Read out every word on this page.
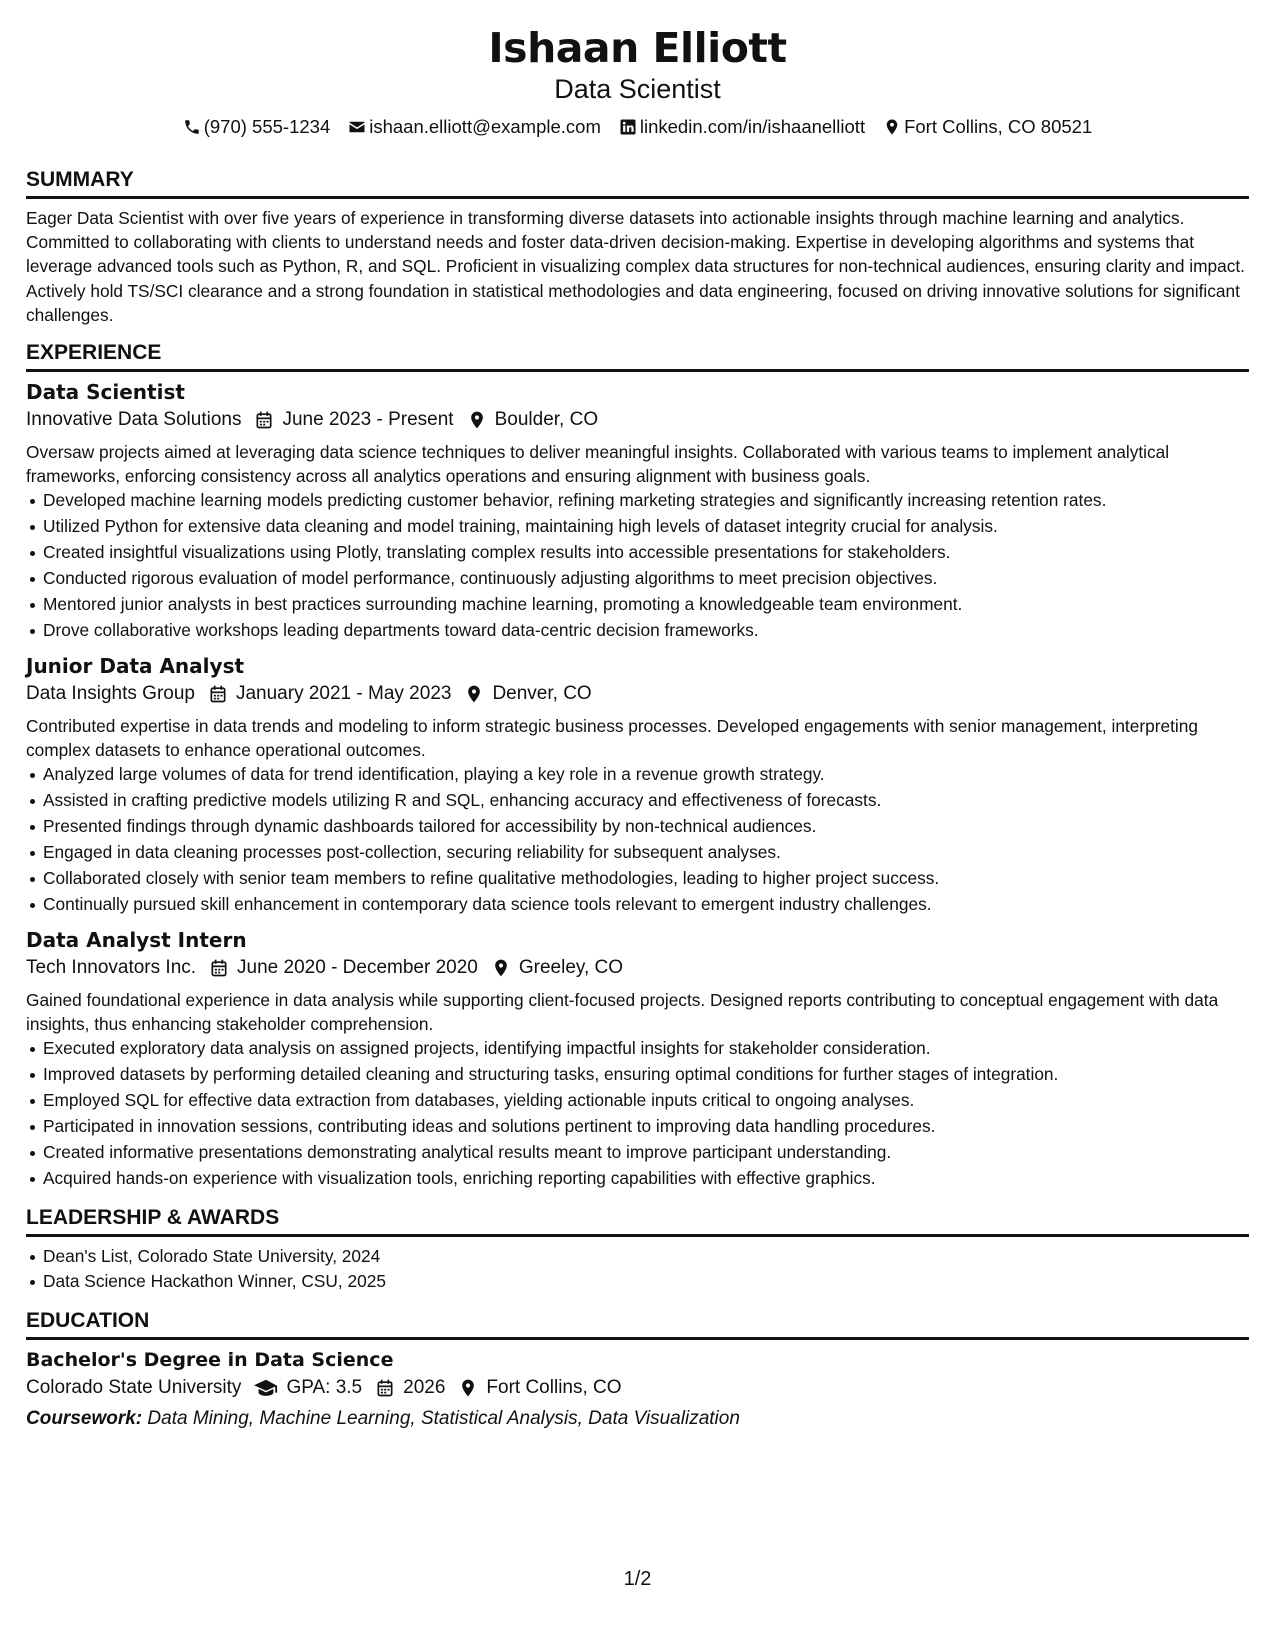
Ishaan Elliott
Data Scientist
(970) 555-1234 ishaan.elliott@example.com linkedin.com/in/ishaanelliott Fort Collins, CO 80521
SUMMARY

Eager Data Scientist with over five years of experience in transforming diverse datasets into actionable insights through machine learning and analytics. Committed to collaborating with clients to understand needs and foster data-driven decision-making. Expertise in developing algorithms and systems that leverage advanced tools such as Python, R, and SQL. Proficient in visualizing complex data structures for non-technical audiences, ensuring clarity and impact. Actively hold TS/SCI clearance and a strong foundation in statistical methodologies and data engineering, focused on driving innovative solutions for significant challenges.

EXPERIENCE
Data Scientist
Innovative Data Solutions June 2023 - Present Boulder, CO

Oversaw projects aimed at leveraging data science techniques to deliver meaningful insights. Collaborated with various teams to implement analytical frameworks, enforcing consistency across all analytics operations and ensuring alignment with business goals.

Developed machine learning models predicting customer behavior, refining marketing strategies and significantly increasing retention rates.
Utilized Python for extensive data cleaning and model training, maintaining high levels of dataset integrity crucial for analysis.
Created insightful visualizations using Plotly, translating complex results into accessible presentations for stakeholders.
Conducted rigorous evaluation of model performance, continuously adjusting algorithms to meet precision objectives.
Mentored junior analysts in best practices surrounding machine learning, promoting a knowledgeable team environment.
Drove collaborative workshops leading departments toward data-centric decision frameworks.
Junior Data Analyst
Data Insights Group January 2021 - May 2023 Denver, CO

Contributed expertise in data trends and modeling to inform strategic business processes. Developed engagements with senior management, interpreting complex datasets to enhance operational outcomes.

Analyzed large volumes of data for trend identification, playing a key role in a revenue growth strategy.
Assisted in crafting predictive models utilizing R and SQL, enhancing accuracy and effectiveness of forecasts.
Presented findings through dynamic dashboards tailored for accessibility by non-technical audiences.
Engaged in data cleaning processes post-collection, securing reliability for subsequent analyses.
Collaborated closely with senior team members to refine qualitative methodologies, leading to higher project success.
Continually pursued skill enhancement in contemporary data science tools relevant to emergent industry challenges.
Data Analyst Intern
Tech Innovators Inc. June 2020 - December 2020 Greeley, CO

Gained foundational experience in data analysis while supporting client-focused projects. Designed reports contributing to conceptual engagement with data insights, thus enhancing stakeholder comprehension.

Executed exploratory data analysis on assigned projects, identifying impactful insights for stakeholder consideration.
Improved datasets by performing detailed cleaning and structuring tasks, ensuring optimal conditions for further stages of integration.
Employed SQL for effective data extraction from databases, yielding actionable inputs critical to ongoing analyses.
Participated in innovation sessions, contributing ideas and solutions pertinent to improving data handling procedures.
Created informative presentations demonstrating analytical results meant to improve participant understanding.
Acquired hands-on experience with visualization tools, enriching reporting capabilities with effective graphics.
LEADERSHIP & AWARDS
Dean's List, Colorado State University, 2024
Data Science Hackathon Winner, CSU, 2025
EDUCATION
Bachelor's Degree in Data Science
Colorado State University GPA: 3.5 2026 Fort Collins, CO
Coursework: Data Mining, Machine Learning, Statistical Analysis, Data Visualization
1/2
